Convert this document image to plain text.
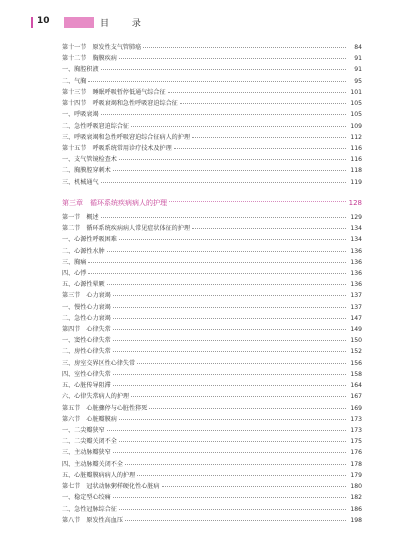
10	目 录
第十一节　原发性支气管肺癌	84
第十二节　胸膜疾病	91
一、胸腔积液	91
二、气胸	95
第十三节　睡眠呼吸暂停低通气综合征	101
第十四节　呼吸衰竭和急性呼吸窘迫综合征	105
一、呼吸衰竭	105
二、急性呼吸窘迫综合征	109
三、呼吸衰竭和急性呼吸窘迫综合征病人的护理	112
第十五节　呼吸系统常用诊疗技术及护理	116
一、支气管镜检查术	116
二、胸膜腔穿刺术	118
三、机械通气	119
第三章　循环系统疾病病人的护理	128
第一节　概述	129
第二节　循环系统疾病病人常见症状体征的护理	134
一、心源性呼吸困难	134
二、心源性水肿	136
三、胸痛	136
四、心悸	136
五、心源性晕厥	136
第三节　心力衰竭	137
一、慢性心力衰竭	137
二、急性心力衰竭	147
第四节　心律失常	149
一、窦性心律失常	150
二、房性心律失常	152
三、房室交界区性心律失常	156
四、室性心律失常	158
五、心脏传导阻滞	164
六、心律失常病人的护理	167
第五节　心脏骤停与心脏性猝死	169
第六节　心脏瓣膜病	173
一、二尖瓣狭窄	173
二、二尖瓣关闭不全	175
三、主动脉瓣狭窄	176
四、主动脉瓣关闭不全	178
五、心脏瓣膜病病人的护理	179
第七节　冠状动脉粥样硬化性心脏病	180
一、稳定型心绞痛	182
二、急性冠脉综合征	186
第八节　原发性高血压	198
